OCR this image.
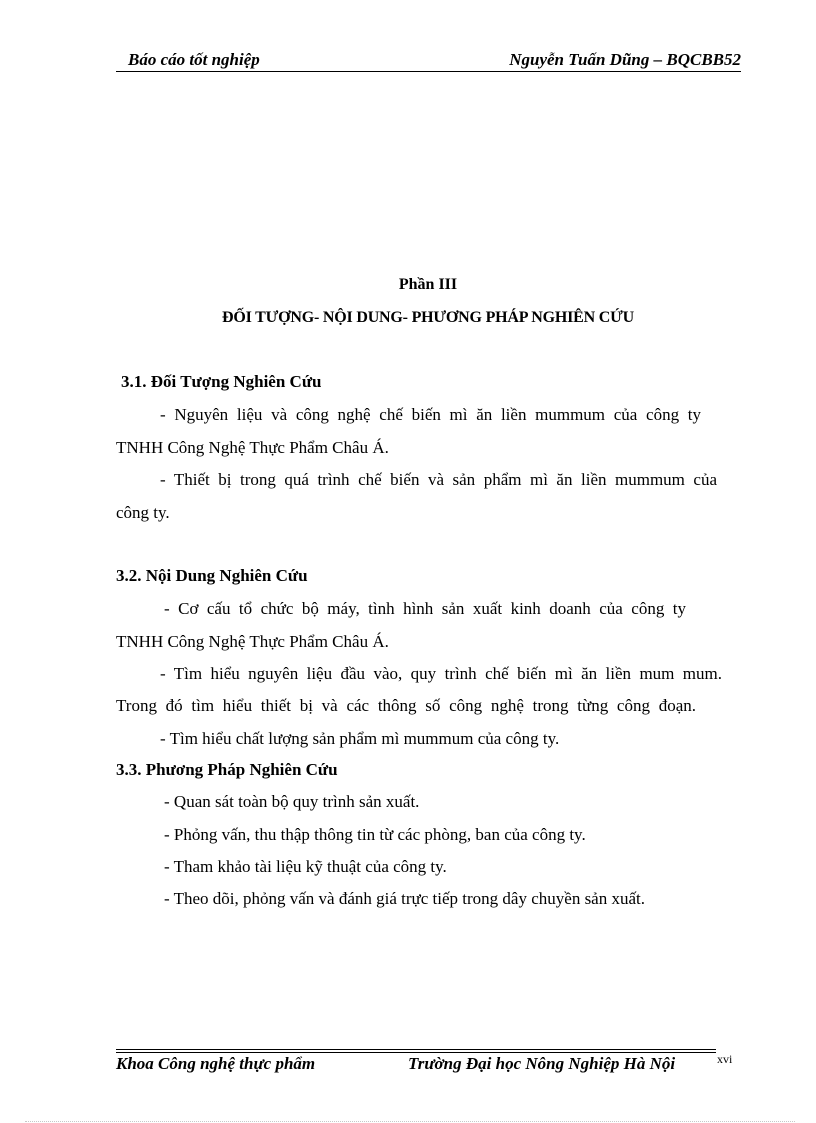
Báo cáo tốt nghiệp	Nguyễn Tuấn Dũng – BQCBB52
Phần III
ĐỐI TƯỢNG- NỘI DUNG- PHƯƠNG PHÁP NGHIÊN CỨU
3.1. Đối Tượng Nghiên Cứu
- Nguyên liệu và công nghệ chế biến mì ăn liền mummum của công ty
TNHH Công Nghệ Thực Phẩm Châu Á.
- Thiết bị trong quá trình chế biến và sản phẩm mì ăn liền mummum của
công ty.
3.2. Nội Dung Nghiên Cứu
- Cơ cấu tổ chức bộ máy, tình hình sản xuất kinh doanh của công ty
TNHH Công Nghệ Thực Phẩm Châu Á.
- Tìm hiểu nguyên liệu đầu vào, quy trình chế biến mì ăn liền mum mum.
Trong đó tìm hiểu thiết bị và các thông số công nghệ trong từng công đoạn.
- Tìm hiểu chất lượng sản phẩm mì mummum của công ty.
3.3. Phương Pháp Nghiên Cứu
- Quan sát toàn bộ quy trình sản xuất.
- Phỏng vấn, thu thập thông tin từ các phòng, ban của công ty.
- Tham khảo tài liệu kỹ thuật của công ty.
- Theo dõi, phỏng vấn và đánh giá trực tiếp trong dây chuyền sản xuất.
Khoa Công nghệ thực phẩm	Trường Đại học Nông Nghiệp Hà Nội	xvi
